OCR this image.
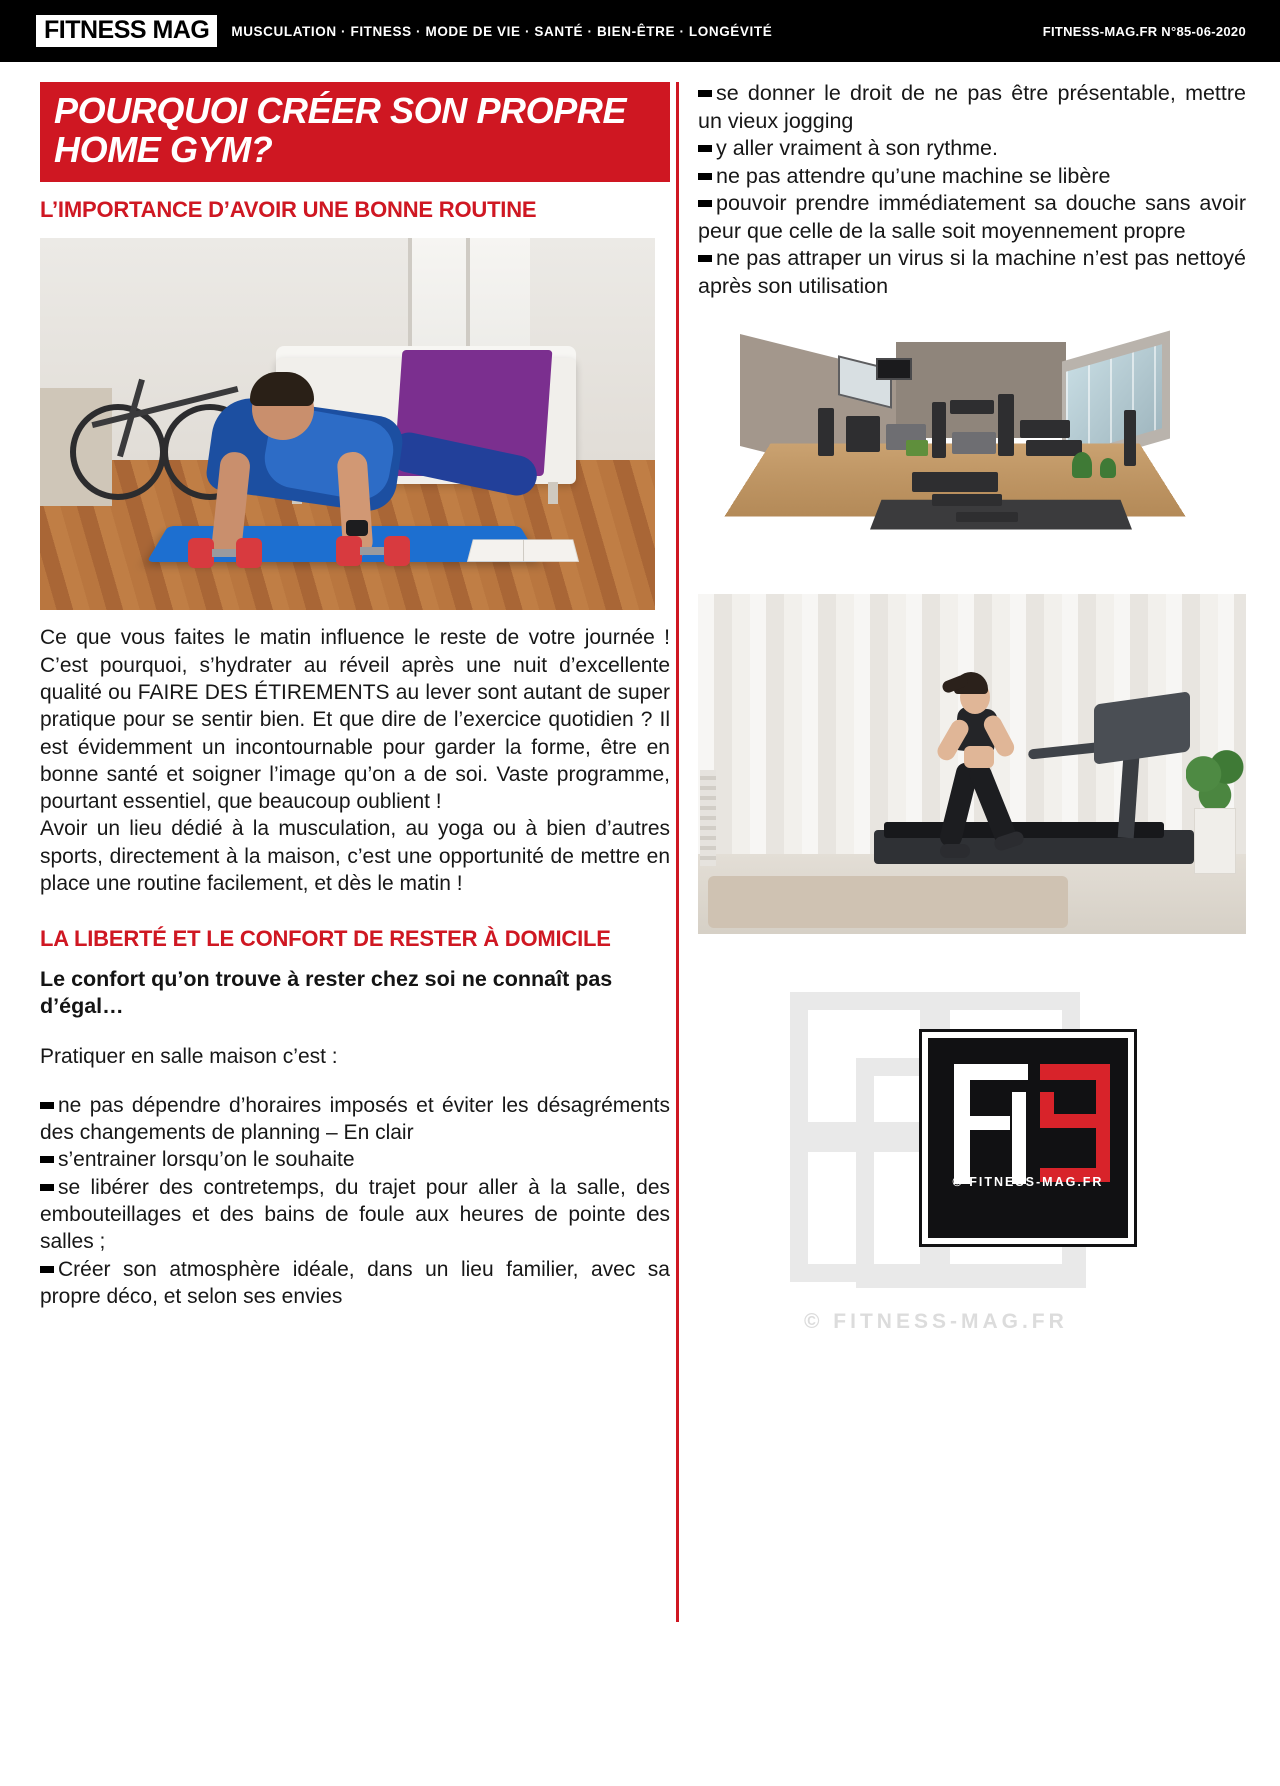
FITNESS MAG	MUSCULATION · FITNESS · MODE DE VIE · SANTÉ · BIEN-ÊTRE · LONGÉVITÉ	FITNESS-MAG.FR N°85-06-2020
POURQUOI CRÉER SON PROPRE HOME GYM?
L’IMPORTANCE D’AVOIR UNE BONNE ROUTINE

Ce que vous faites le matin influence le reste de votre journée ! C’est pourquoi, s’hydrater au réveil après une nuit d’excellente qualité ou FAIRE DES ÉTIREMENTS au lever sont autant de super pratique pour se sentir bien. Et que dire de l’exercice quotidien ? Il est évidemment un incontournable pour garder la forme, être en bonne santé et soigner l’image qu’on a de soi. Vaste programme, pourtant essentiel, que beaucoup oublient !

Avoir un lieu dédié à la musculation, au yoga ou à bien d’autres sports, directement à la maison, c’est une opportunité de mettre en place une routine facilement, et dès le matin !

LA LIBERTÉ ET LE CONFORT DE RESTER À DOMICILE
Le confort qu’on trouve à rester chez soi ne connaît pas d’égal…
Pratiquer en salle maison c’est :
ne pas dépendre d’horaires imposés et éviter les désagréments des changements de planning – En clair
s’entrainer lorsqu’on le souhaite
se libérer des contretemps, du trajet pour aller à la salle, des embouteillages et des bains de foule aux heures de pointe des salles ;
Créer son atmosphère idéale, dans un lieu familier, avec sa propre déco, et selon ses envies
se donner le droit de ne pas être présentable, mettre un vieux jogging
y aller vraiment à son rythme.
ne pas attendre qu’une machine se libère
pouvoir prendre immédiatement sa douche sans avoir peur que celle de la salle soit moyennement propre
ne pas attraper un virus si la machine n’est pas nettoyé après son utilisation
© FITNESS-MAG.FR
© FITNESS-MAG.FR
